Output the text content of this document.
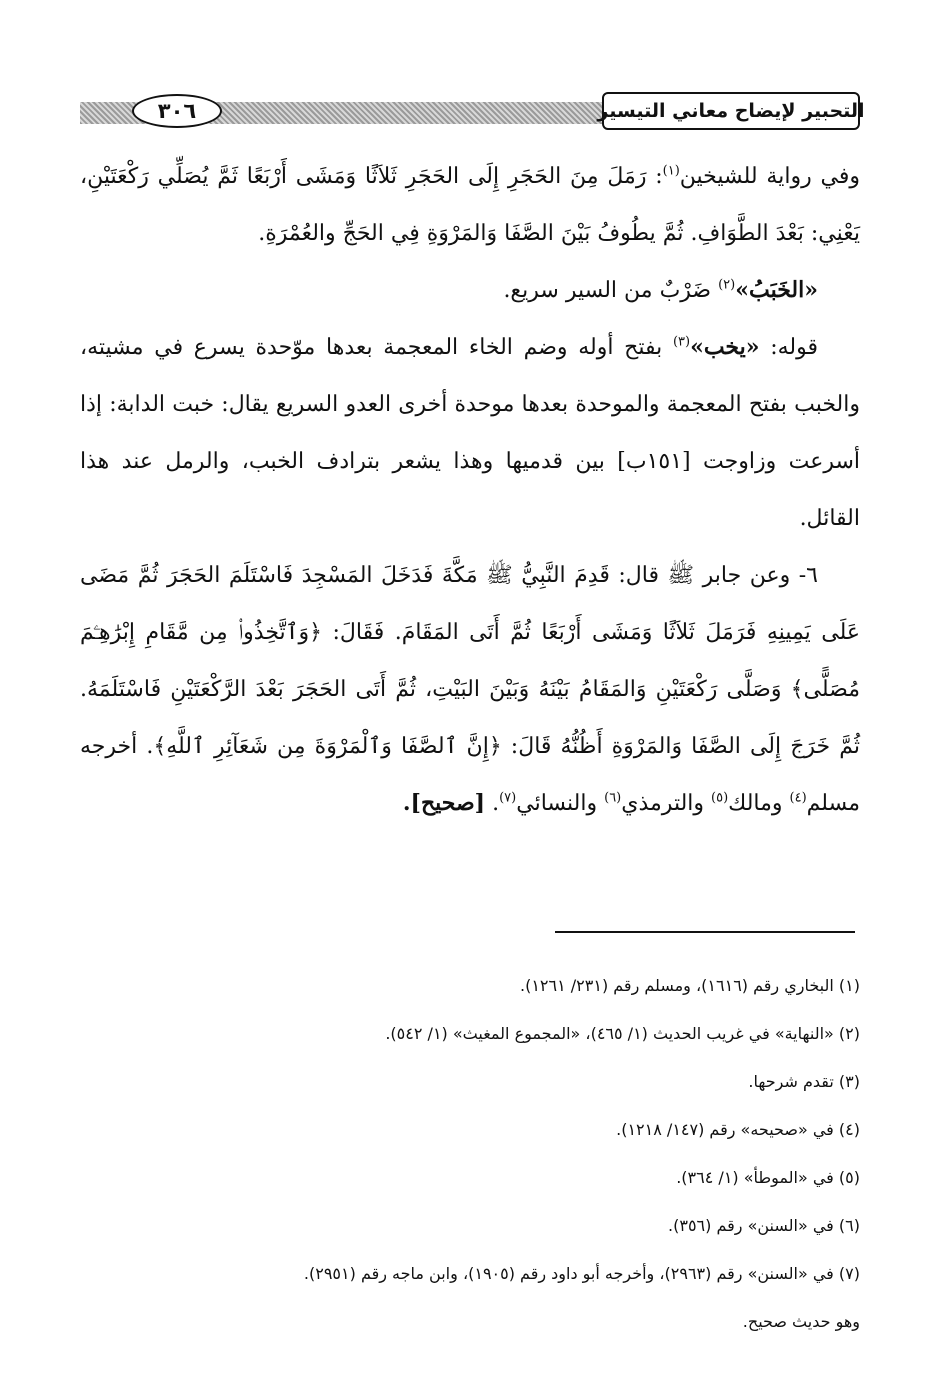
٣٠٦	التحبير لإيضاح معاني التيسير

وفي رواية للشيخين$^{(١)}$: رَمَلَ مِنَ الحَجَرِ إِلَى الحَجَرِ ثَلاَثًا وَمَشَى أَرْبَعًا ثَمَّ يُصَلِّي رَكْعَتَيْنِ، يَعْنِي: بَعْدَ الطَّوَافِ. ثُمَّ يطُوفُ بَيْنَ الصَّفَا وَالمَرْوَةِ فِي الحَجِّ والعُمْرَةِ.

«الخَبَبُ»$^{(٢)}$ ضَرْبٌ من السير سريع.

قوله: «يخب»$^{(٣)}$ بفتح أوله وضم الخاء المعجمة بعدها موّحدة يسرع في مشيته، والخبب بفتح المعجمة والموحدة بعدها موحدة أخرى العدو السريع يقال: خبت الدابة: إذا أسرعت وزاوجت [١٥١ب] بين قدميها وهذا يشعر بترادف الخبب، والرمل عند هذا القائل.

٦- وعن جابر ﷺ قال: قَدِمَ النَّبِيُّ ﷺ مَكَّةَ فَدَخَلَ المَسْجِدَ فَاسْتَلَمَ الحَجَرَ ثُمَّ مَضَى عَلَى يَمِينِهِ فَرَمَلَ ثَلاَثًا وَمَشَى أَرْبَعًا ثُمَّ أَتَى المَقَامَ. فَقَالَ: ﴿وَٱتَّخِذُوا۟ مِن مَّقَامِ إِبْرَٰهِـۧمَ مُصَلًّى﴾ وَصَلَّى رَكْعَتَيْنِ وَالمَقَامُ بَيْنَهُ وَبَيْنَ البَيْتِ، ثُمَّ أَتَى الحَجَرَ بَعْدَ الرَّكْعَتَيْنِ فَاسْتَلَمَهُ. ثُمَّ خَرَجَ إِلَى الصَّفَا وَالمَرْوَةِ أَظُنُّهُ قَالَ: ﴿إِنَّ ٱلصَّفَا وَٱلْمَرْوَةَ مِن شَعَآئِرِ ٱللَّهِ﴾. أخرجه مسلم$^{(٤)}$ ومالك$^{(٥)}$ والترمذي$^{(٦)}$ والنسائي$^{(٧)}$. [صحيح].

(١) البخاري رقم (١٦١٦)، ومسلم رقم (٢٣١/ ١٢٦١).

(٢) «النهاية» في غريب الحديث (١/ ٤٦٥)، «المجموع المغيث» (١/ ٥٤٢).

(٣) تقدم شرحها.

(٤) في «صحيحه» رقم (١٤٧/ ١٢١٨).

(٥) في «الموطأ» (١/ ٣٦٤).

(٦) في «السنن» رقم (٣٥٦).

(٧) في «السنن» رقم (٢٩٦٣)، وأخرجه أبو داود رقم (١٩٠٥)، وابن ماجه رقم (٢٩٥١).

وهو حديث صحيح.
